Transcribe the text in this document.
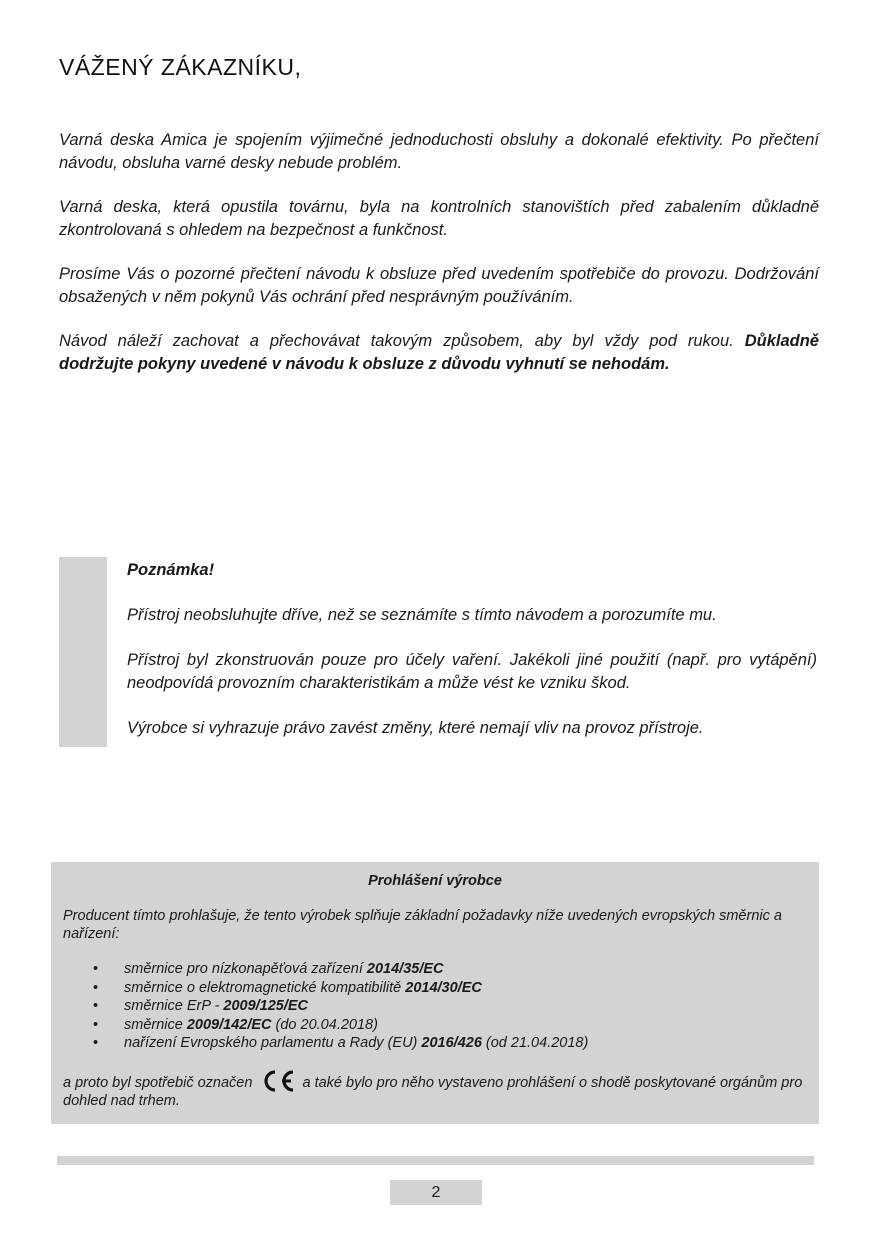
VÁŽENÝ ZÁKAZNÍKU,

Varná deska Amica je spojením výjimečné jednoduchosti obsluhy a dokonalé efektivity. Po přečtení návodu, obsluha varné desky nebude problém.

Varná deska, která opustila továrnu, byla na kontrolních stanovištích před zabalením důkladně zkontrolovaná s ohledem na bezpečnost a funkčnost.

Prosíme Vás o pozorné přečtení návodu k obsluze před uvedením spotřebiče do provozu. Dodržování obsažených v něm pokynů Vás ochrání před nesprávným používáním.

Návod náleží zachovat a přechovávat takovým způsobem, aby byl vždy pod rukou. Důkladně dodržujte pokyny uvedené v návodu k obsluze z důvodu vyhnutí se nehodám.

Poznámka!

Přístroj neobsluhujte dříve, než se seznámíte s tímto návodem a porozumíte mu.

Přístroj byl zkonstruován pouze pro účely vaření. Jakékoli jiné použití (např. pro vytápění) neodpovídá provozním charakteristikám a může vést ke vzniku škod.

Výrobce si vyhrazuje právo zavést změny, které nemají vliv na provoz přístroje.

Prohlášení výrobce

Producent tímto prohlašuje, že tento výrobek splňuje základní požadavky níže uvedených evropských směrnic a nařízení:

• směrnice pro nízkonapěťová zařízení 2014/35/EC
• směrnice o elektromagnetické kompatibilitě 2014/30/EC
• směrnice ErP - 2009/125/EC
• směrnice 2009/142/EC (do 20.04.2018)
• nařízení Evropského parlamentu a Rady (EU) 2016/426 (od 21.04.2018)

a proto byl spotřebič označen	a také bylo pro něho vystaveno prohlášení o shodě poskytované orgánům pro dohled nad trhem.

2
